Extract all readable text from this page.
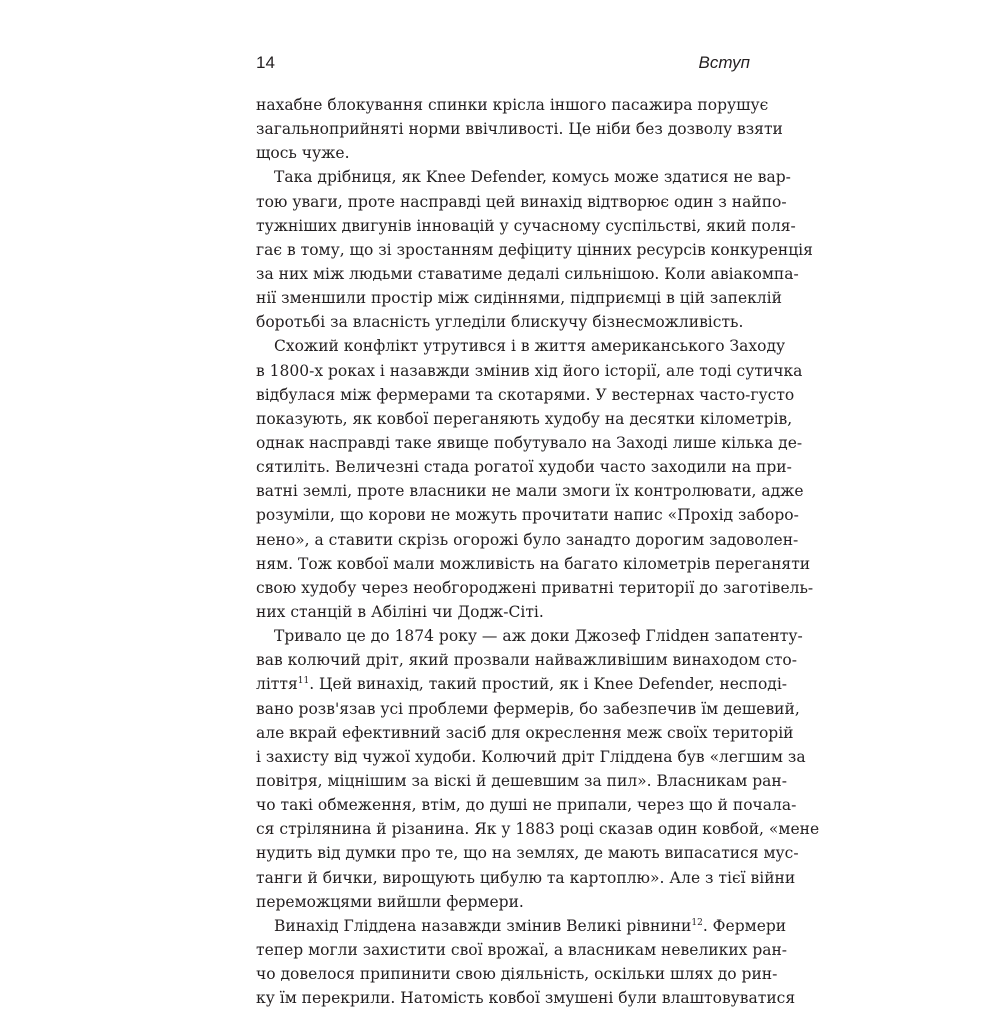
14	Вступ
нахабне блокування спинки крісла іншого пасажира порушує
загальноприйняті норми ввічливості. Це ніби без дозволу взяти
щось чуже.
Така дрібниця, як Knee Defender, комусь може здатися не вар-
тою уваги, проте насправді цей винахід відтворює один з найпо-
тужніших двигунів інновацій у сучасному суспільстві, який поля-
гає в тому, що зі зростанням дефіциту цінних ресурсів конкуренція
за них між людьми ставатиме дедалі сильнішою. Коли авіакомпа-
нії зменшили простір між сидіннями, підприємці в цій запеклій
боротьбі за власність угледіли блискучу бізнесможливість.
Схожий конфлікт утрутився і в життя американського Заходу
в 1800-х роках і назавжди змінив хід його історії, але тоді сутичка
відбулася між фермерами та скотарями. У вестернах часто-густо
показують, як ковбої переганяють худобу на десятки кілометрів,
однак насправді таке явище побутувало на Заході лише кілька де-
сятиліть. Величезні стада рогатої худоби часто заходили на при-
ватні землі, проте власники не мали змоги їх контролювати, адже
розуміли, що корови не можуть прочитати напис «Прохід заборо-
нено», а ставити скрізь огорожі було занадто дорогим задоволен-
ням. Тож ковбої мали можливість на багато кілометрів переганяти
свою худобу через необгороджені приватні території до заготівель-
них станцій в Абіліні чи Додж-Сіті.
Тривало це до 1874 року — аж доки Джозеф Гліdден запатенту-
вав колючий дріт, який прозвали найважливішим винаходом сто-
ліття$^{11}$. Цей винахід, такий простий, як і Knee Defender, несподі-
вано розв'язав усі проблеми фермерів, бо забезпечив їм дешевий,
але вкрай ефективний засіб для окреслення меж своїх територій
і захисту від чужої худоби. Колючий дріт Гліддена був «легшим за
повітря, міцнішим за віскі й дешевшим за пил». Власникам ран-
чо такі обмеження, втім, до душі не припали, через що й почала-
ся стрілянина й різанина. Як у 1883 році сказав один ковбой, «мене
нудить від думки про те, що на землях, де мають випасатися мус-
танги й бички, вирощують цибулю та картоплю». Але з тієї війни
переможцями вийшли фермери.
Винахід Гліддена назавжди змінив Великі рівнини$^{12}$. Фермери
тепер могли захистити свої врожаї, а власникам невеликих ран-
чо довелося припинити свою діяльність, оскільки шлях до рин-
ку їм перекрили. Натомість ковбої змушені були влаштовуватися
